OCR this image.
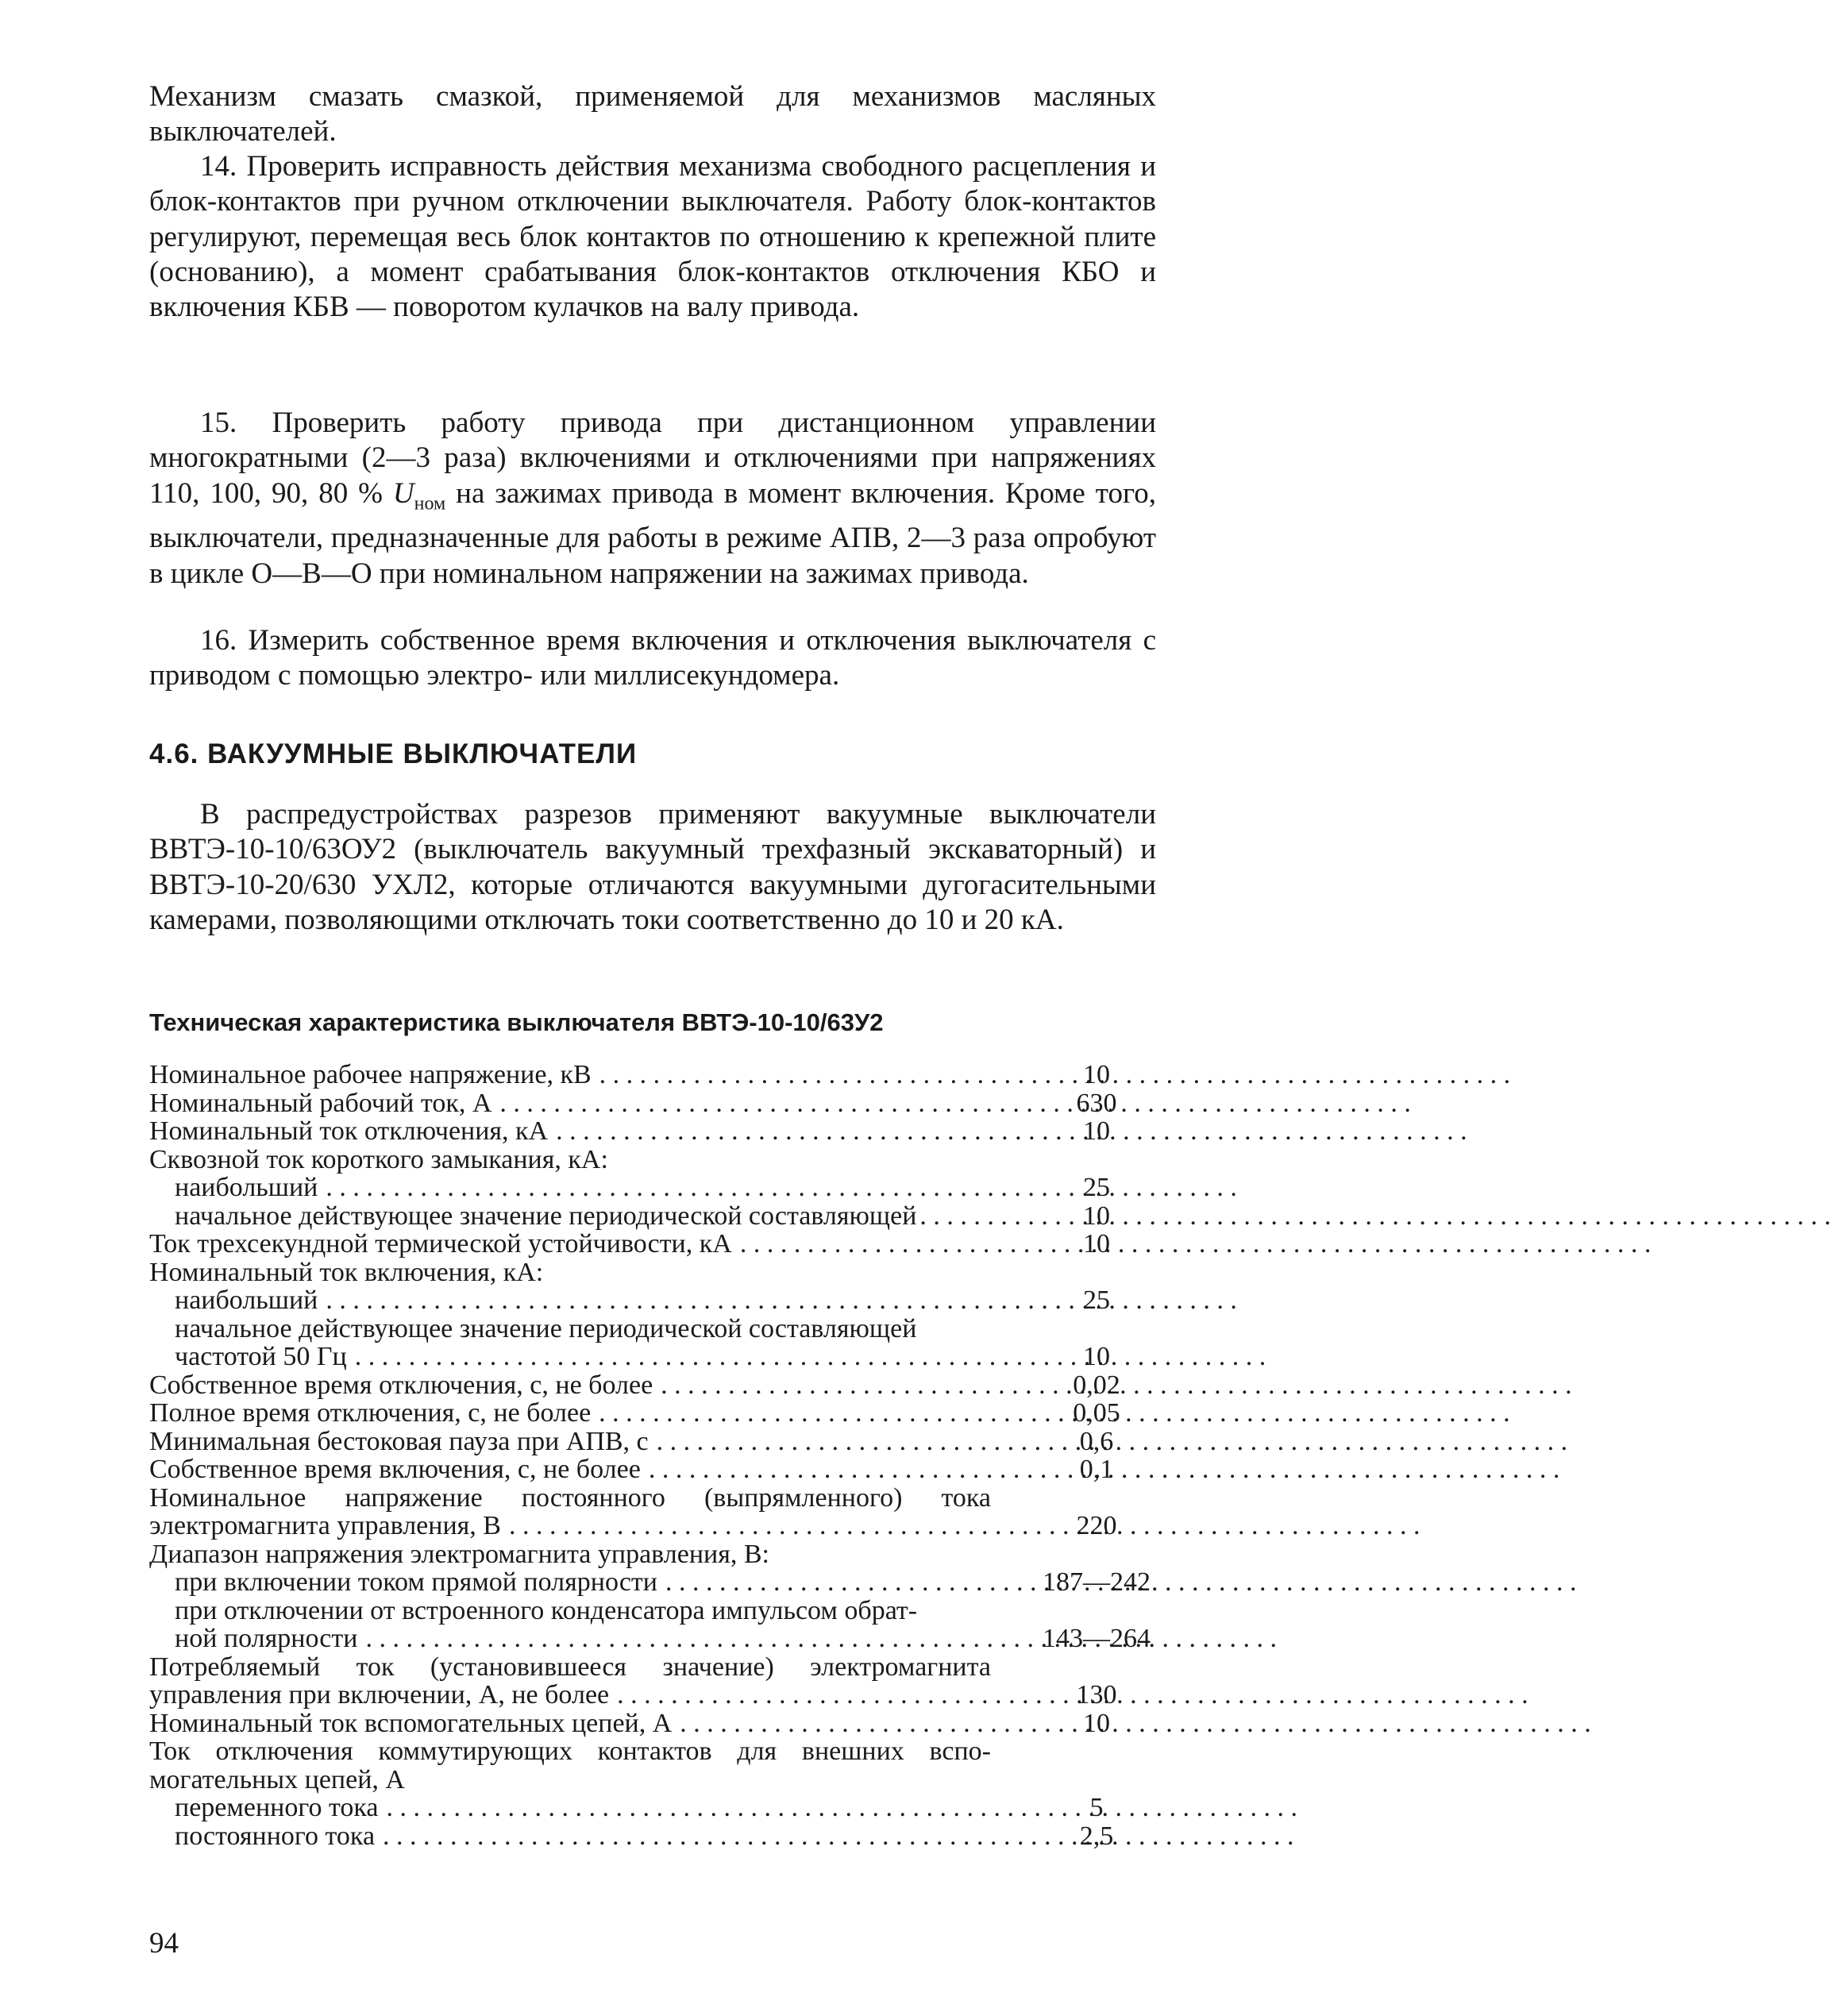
Механизм смазать смазкой, применяемой для механизмов масляных выключателей.

14. Проверить исправность действия механизма свободного расцепления и блок-контактов при ручном отключении выключателя. Работу блок-контактов регулируют, перемещая весь блок контактов по отношению к крепежной плите (основанию), а момент срабатывания блок-контактов отключения КБО и включения КБВ — поворотом кулачков на валу привода.

15. Проверить работу привода при дистанционном управлении многократными (2—3 раза) включениями и отключениями при напряжениях 110, 100, 90, 80 % $U_{ном}$ на зажимах привода в момент включения. Кроме того, выключатели, предназначенные для работы в режиме АПВ, 2—3 раза опробуют в цикле О—В—О при номинальном напряжении на зажимах привода.

16. Измерить собственное время включения и отключения выключателя с приводом с помощью электро- или миллисекундомера.

4.6. ВАКУУМНЫЕ ВЫКЛЮЧАТЕЛИ

В распредустройствах разрезов применяют вакуумные выключатели ВВТЭ-10-10/63ОУ2 (выключатель вакуумный трехфазный экскаваторный) и ВВТЭ-10-20/630 УХЛ2, которые отличаются вакуумными дугогасительными камерами, позволяющими отключать токи соответственно до 10 и 20 кА.

Техническая характеристика выключателя ВВТЭ-10-10/63У2
Номинальное рабочее напряжение, кВ . . .	10
Номинальный рабочий ток, А . . .	630
Номинальный ток отключения, кА . . .	10
Сквозной ток короткого замыкания, кА:
наибольший . . .	25
начальное действующее значение периодической составляющей . . .	10
Ток трехсекундной термической устойчивости, кА . . .	10
Номинальный ток включения, кА:
наибольший . . .	25
начальное действующее значение периодической составляющей
частотой 50 Гц . . .	10
Собственное время отключения, с, не более . . .	0,02
Полное время отключения, с, не более . . .	0,05
Минимальная бестоковая пауза при АПВ, с . . .	0,6
Собственное время включения, с, не более . . .	0,1
Номинальное напряжение постоянного (выпрямленного) тока
электромагнита управления, В . . .	220
Диапазон напряжения электромагнита управления, В:
при включении током прямой полярности . . .	187—242
при отключении от встроенного конденсатора импульсом обрат-
ной полярности . . .	143—264
Потребляемый ток (установившееся значение) электромагнита
управления при включении, А, не более . . .	130
Номинальный ток вспомогательных цепей, А . . .	10
Ток отключения коммутирующих контактов для внешних вспо-
могательных цепей, А
переменного тока . . .	5
постоянного тока . . .	2,5

94
